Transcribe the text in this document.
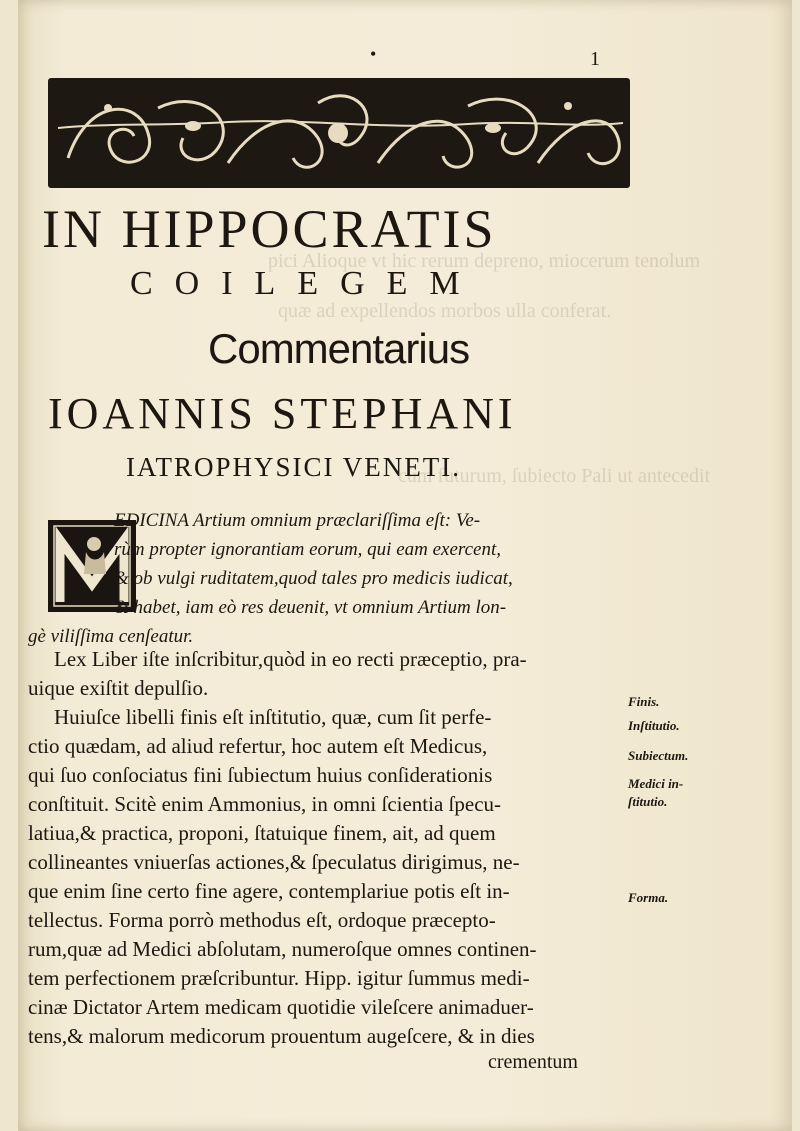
pici Alioque vt hic rerum depreno, miocerum tenolum
quæ ad expellendos morbos ulla conferat.
cum futurum, ſubiecto Pali ut antecedit
•	1
IN HIPPOCRATIS
COILEGEM
Commentarius
IOANNIS STEPHANI
IATROPHYSICI VENETI.
EDICINA Artium omnium præclariſſima eſt: Ve-
rùm propter ignorantiam eorum, qui eam exercent,
& ob vulgi ruditatem,quod tales pro medicis iudicat,
& habet, iam eò res deuenit, vt omnium Artium lon-
gè viliſſima cenſeatur.
Lex Liber iſte inſcribitur,quòd in eo recti præceptio, pra-
uique exiſtit depulſio.
Huiuſce libelli finis eſt inſtitutio, quæ, cum ſit perfe-
ctio quædam, ad aliud refertur, hoc autem eſt Medicus,
qui ſuo conſociatus fini ſubiectum huius conſiderationis
conſtituit. Scitè enim Ammonius, in omni ſcientia ſpecu-
latiua,& practica, proponi, ſtatuique finem, ait, ad quem
collineantes vniuerſas actiones,& ſpeculatus dirigimus, ne-
que enim ſine certo fine agere, contemplariue potis eſt in-
tellectus. Forma porrò methodus eſt, ordoque præcepto-
rum,quæ ad Medici abſolutam, numeroſque omnes continen-
tem perfectionem præſcribuntur. Hipp. igitur ſummus medi-
cinæ Dictator Artem medicam quotidie vileſcere animaduer-
tens,& malorum medicorum prouentum augeſcere, & in dies
crementum
Finis.
Inſtitutio.
Subiectum.
Medici in-
ſtitutio.
Forma.
